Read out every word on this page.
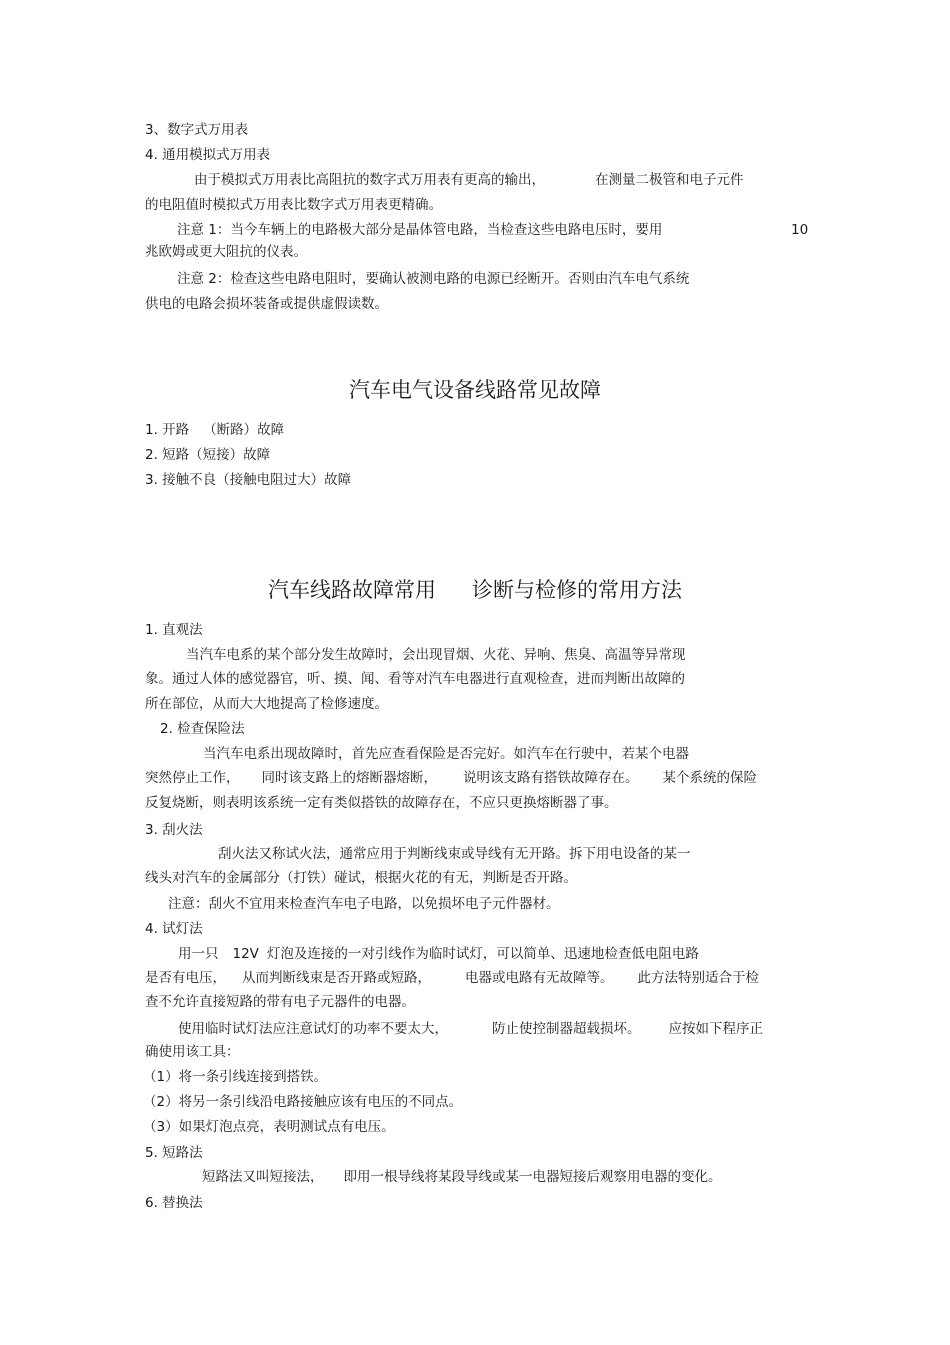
3、数字式万用表
4. 通用模拟式万用表
由于模拟式万用表比高阻抗的数字式万用表有更高的输出，	在测量二极管和电子元件
的电阻值时模拟式万用表比数字式万用表更精确。
注意 1：当今车辆上的电路极大部分是晶体管电路，当检查这些电路电压时，要用	10
兆欧姆或更大阻抗的仪表。
注意 2：检查这些电路电阻时，要确认被测电路的电源已经断开。否则由汽车电气系统
供电的电路会损坏装备或提供虚假读数。
汽车电气设备线路常见故障
1. 开路 （断路）故障
2. 短路（短接）故障
3. 接触不良（接触电阻过大）故障
汽车线路故障常用 诊断与检修的常用方法
1. 直观法
当汽车电系的某个部分发生故障时，会出现冒烟、火花、异响、焦臭、高温等异常现
象。通过人体的感觉器官，听、摸、闻、看等对汽车电器进行直观检查，进而判断出故障的
所在部位，从而大大地提高了检修速度。
2. 检查保险法
当汽车电系出现故障时，首先应查看保险是否完好。如汽车在行驶中，若某个电器
突然停止工作， 同时该支路上的熔断器熔断， 说明该支路有搭铁故障存在。 某个系统的保险
反复烧断，则表明该系统一定有类似搭铁的故障存在，不应只更换熔断器了事。
3. 刮火法
刮火法又称试火法，通常应用于判断线束或导线有无开路。拆下用电设备的某一
线头对汽车的金属部分（打铁）碰试，根据火花的有无，判断是否开路。
注意：刮火不宜用来检查汽车电子电路，以免损坏电子元件器材。
4. 试灯法
用一只 12V 灯泡及连接的一对引线作为临时试灯，可以简单、迅速地检查低电阻电路
是否有电压， 从而判断线束是否开路或短路，	电器或电路有无故障等。 此方法特别适合于检
查不允许直接短路的带有电子元器件的电器。
使用临时试灯法应注意试灯的功率不要太大，	防止使控制器超载损坏。 应按如下程序正
确使用该工具：
（1）将一条引线连接到搭铁。
（2）将另一条引线沿电路接触应该有电压的不同点。
（3）如果灯泡点亮，表明测试点有电压。
5. 短路法
短路法又叫短接法， 即用一根导线将某段导线或某一电器短接后观察用电器的变化。
6. 替换法
